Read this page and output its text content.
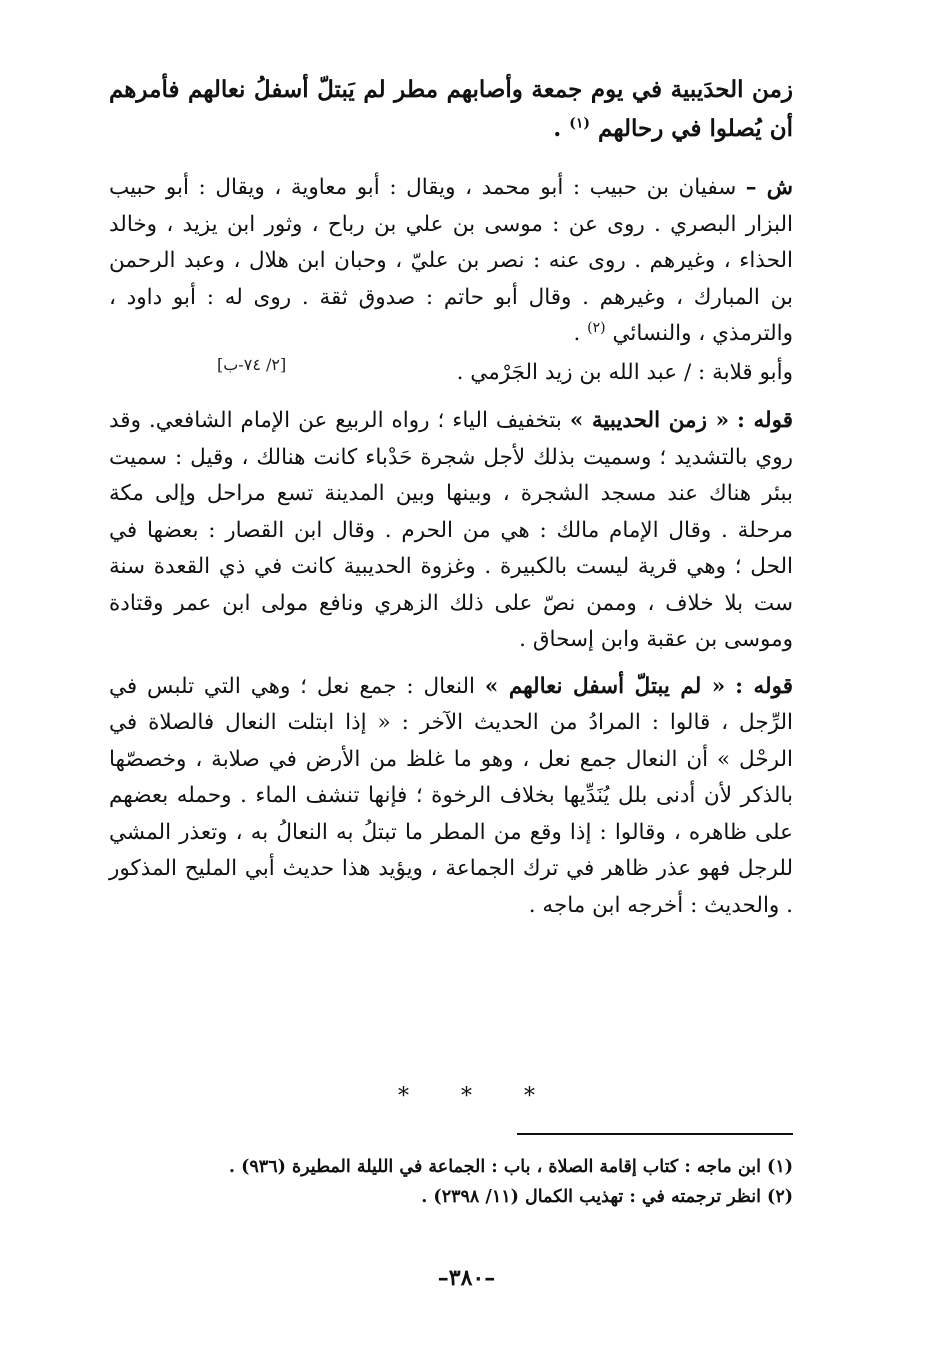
زمن الحدَيبية في يوم جمعة وأصابهم مطر لم يَبتلّ أسفلُ نعالهم فأمرهم أن يُصلوا في رحالهم $^{(١)}$ .

ش – سفيان بن حبيب : أبو محمد ، ويقال : أبو معاوية ، ويقال : أبو حبيب البزار البصري . روى عن : موسى بن علي بن رباح ، وثور ابن يزيد ، وخالد الحذاء ، وغيرهم . روى عنه : نصر بن عليّ ، وحبان ابن هلال ، وعبد الرحمن بن المبارك ، وغيرهم . وقال أبو حاتم : صدوق ثقة . روى له : أبو داود ، والترمذي ، والنسائي $^{(٢)}$ .

وأبو قلابة : / عبد الله بن زيد الجَرْمي .

[٢/ ٧٤-ب]

قوله : « زمن الحديبية » بتخفيف الياء ؛ رواه الربيع عن الإمام الشافعي. وقد روي بالتشديد ؛ وسميت بذلك لأجل شجرة حَدْباء كانت هنالك ، وقيل : سميت ببئر هناك عند مسجد الشجرة ، وبينها وبين المدينة تسع مراحل وإلى مكة مرحلة . وقال الإمام مالك : هي من الحرم . وقال ابن القصار : بعضها في الحل ؛ وهي قرية ليست بالكبيرة . وغزوة الحديبية كانت في ذي القعدة سنة ست بلا خلاف ، وممن نصّ على ذلك الزهري ونافع مولى ابن عمر وقتادة وموسى بن عقبة وابن إسحاق .

قوله : « لم يبتلّ أسفل نعالهم » النعال : جمع نعل ؛ وهي التي تلبس في الرِّجل ، قالوا : المرادُ من الحديث الآخر : « إذا ابتلت النعال فالصلاة في الرحْل » أن النعال جمع نعل ، وهو ما غلظ من الأرض في صلابة ، وخصصّها بالذكر لأن أدنى بلل يُنَدِّيها بخلاف الرخوة ؛ فإنها تنشف الماء . وحمله بعضهم على ظاهره ، وقالوا : إذا وقع من المطر ما تبتلُ به النعالُ به ، وتعذر المشي للرجل فهو عذر ظاهر في ترك الجماعة ، ويؤيد هذا حديث أبي المليح المذكور . والحديث : أخرجه ابن ماجه .

*
*
*

(١) ابن ماجه : كتاب إقامة الصلاة ، باب : الجماعة في الليلة المطيرة (٩٣٦) .

(٢) انظر ترجمته في : تهذيب الكمال (١١/ ٢٣٩٨) .

–٣٨٠–
